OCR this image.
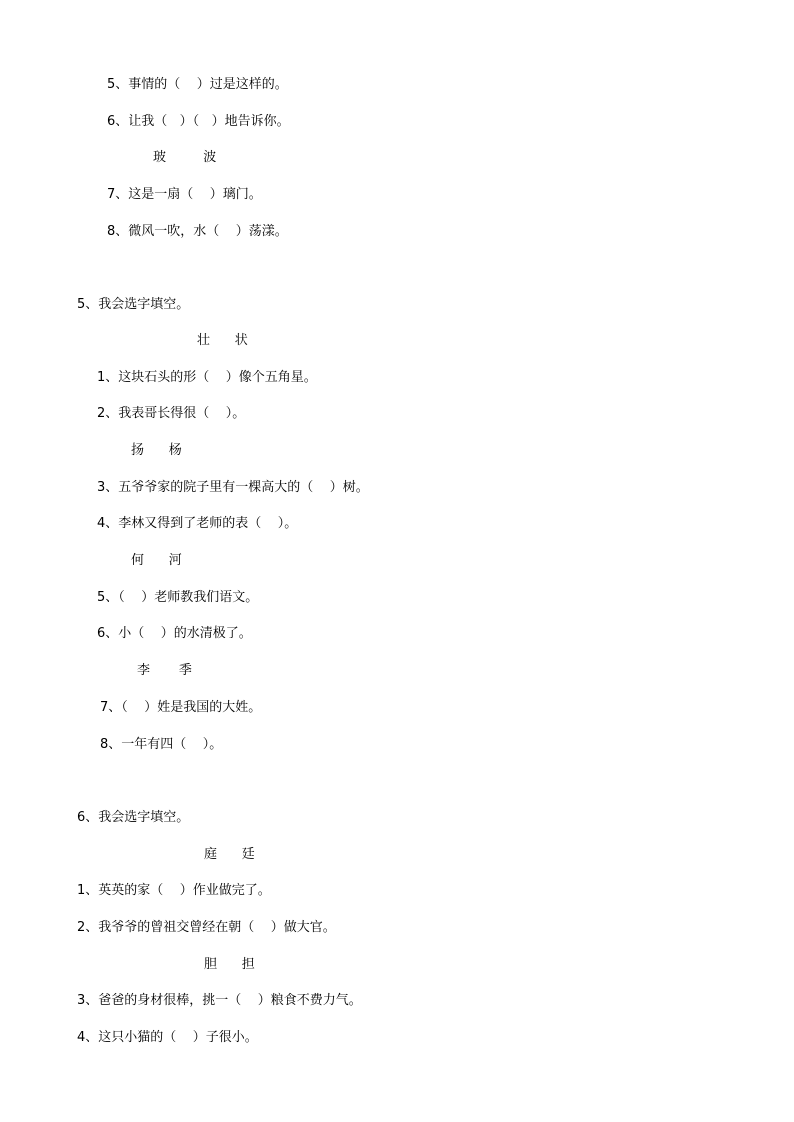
5、事情的（    ）过是这样的。
6、让我（   ）（   ）地告诉你。
玻         波
7、这是一扇（    ）璃门。
8、微风一吹，水（    ）荡漾。
5、我会选字填空。
壮      状
1、这块石头的形（    ）像个五角星。
2、我表哥长得很（    ）。
扬      杨
3、五爷爷家的院子里有一棵高大的（    ）树。
4、李林又得到了老师的表（    ）。
何      河
5、（    ）老师教我们语文。
6、小（    ）的水清极了。
李       季
7、（    ）姓是我国的大姓。
8、一年有四（    ）。
6、我会选字填空。
庭      廷
1、英英的家（    ）作业做完了。
2、我爷爷的曾祖交曾经在朝（    ）做大官。
胆      担
3、爸爸的身材很棒，挑一（    ）粮食不费力气。
4、这只小猫的（    ）子很小。
